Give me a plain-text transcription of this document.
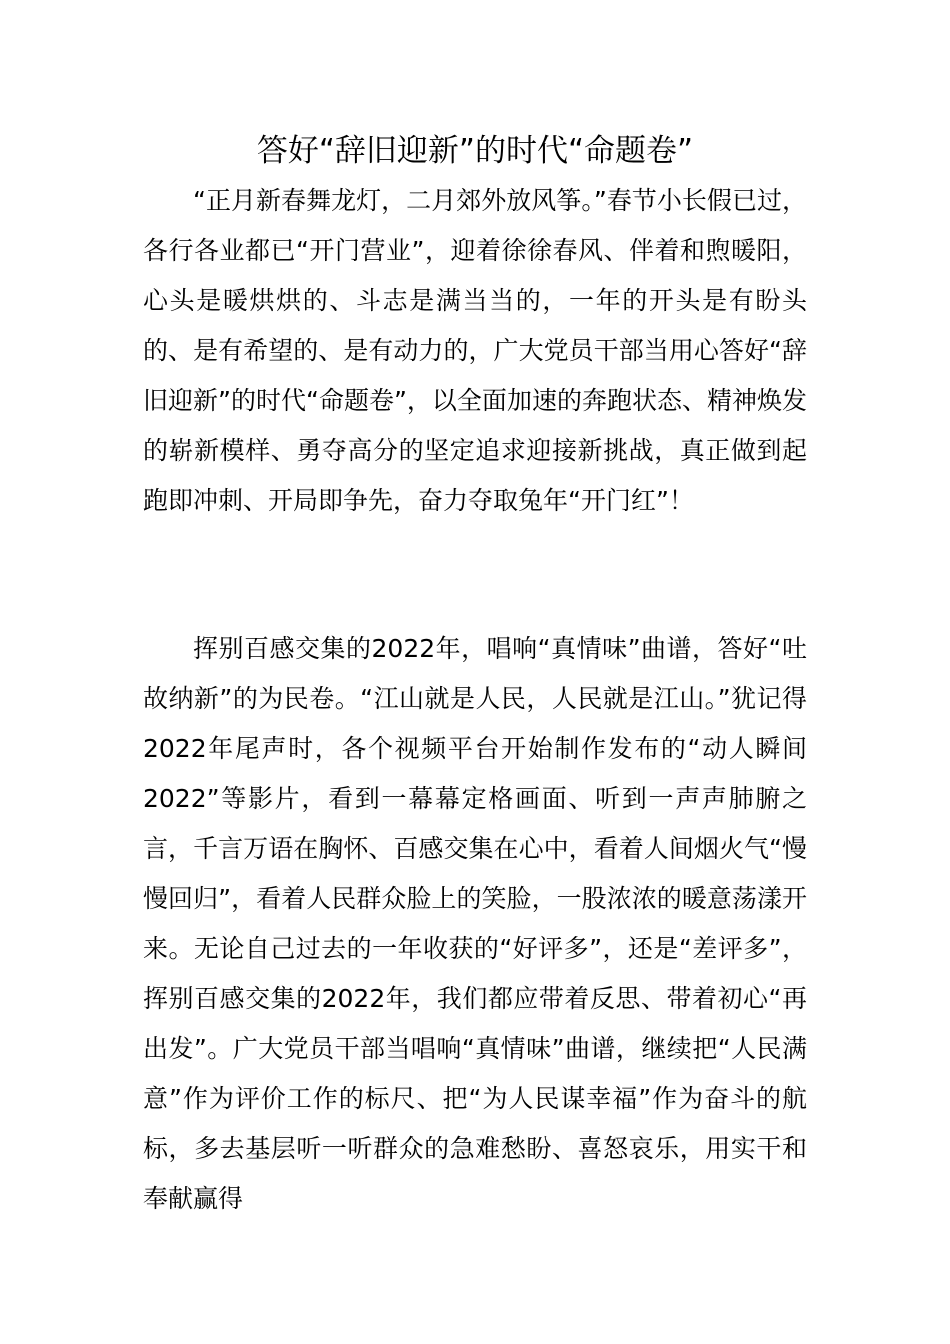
答好“辞旧迎新”的时代“命题卷”

“正月新春舞龙灯，二月郊外放风筝。”春节小长假已过，各行各业都已“开门营业”，迎着徐徐春风、伴着和煦暖阳，心头是暖烘烘的、斗志是满当当的，一年的开头是有盼头的、是有希望的、是有动力的，广大党员干部当用心答好“辞旧迎新”的时代“命题卷”，以全面加速的奔跑状态、精神焕发的崭新模样、勇夺高分的坚定追求迎接新挑战，真正做到起跑即冲刺、开局即争先，奋力夺取兔年“开门红”！

挥别百感交集的2022年，唱响“真情味”曲谱，答好“吐故纳新”的为民卷。“江山就是人民，人民就是江山。”犹记得2022年尾声时，各个视频平台开始制作发布的“动人瞬间2022”等影片，看到一幕幕定格画面、听到一声声肺腑之言，千言万语在胸怀、百感交集在心中，看着人间烟火气“慢慢回归”，看着人民群众脸上的笑脸，一股浓浓的暖意荡漾开来。无论自己过去的一年收获的“好评多”，还是“差评多”，挥别百感交集的2022年，我们都应带着反思、带着初心“再出发”。广大党员干部当唱响“真情味”曲谱，继续把“人民满意”作为评价工作的标尺、把“为人民谋幸福”作为奋斗的航标，多去基层听一听群众的急难愁盼、喜怒哀乐，用实干和奉献赢得
